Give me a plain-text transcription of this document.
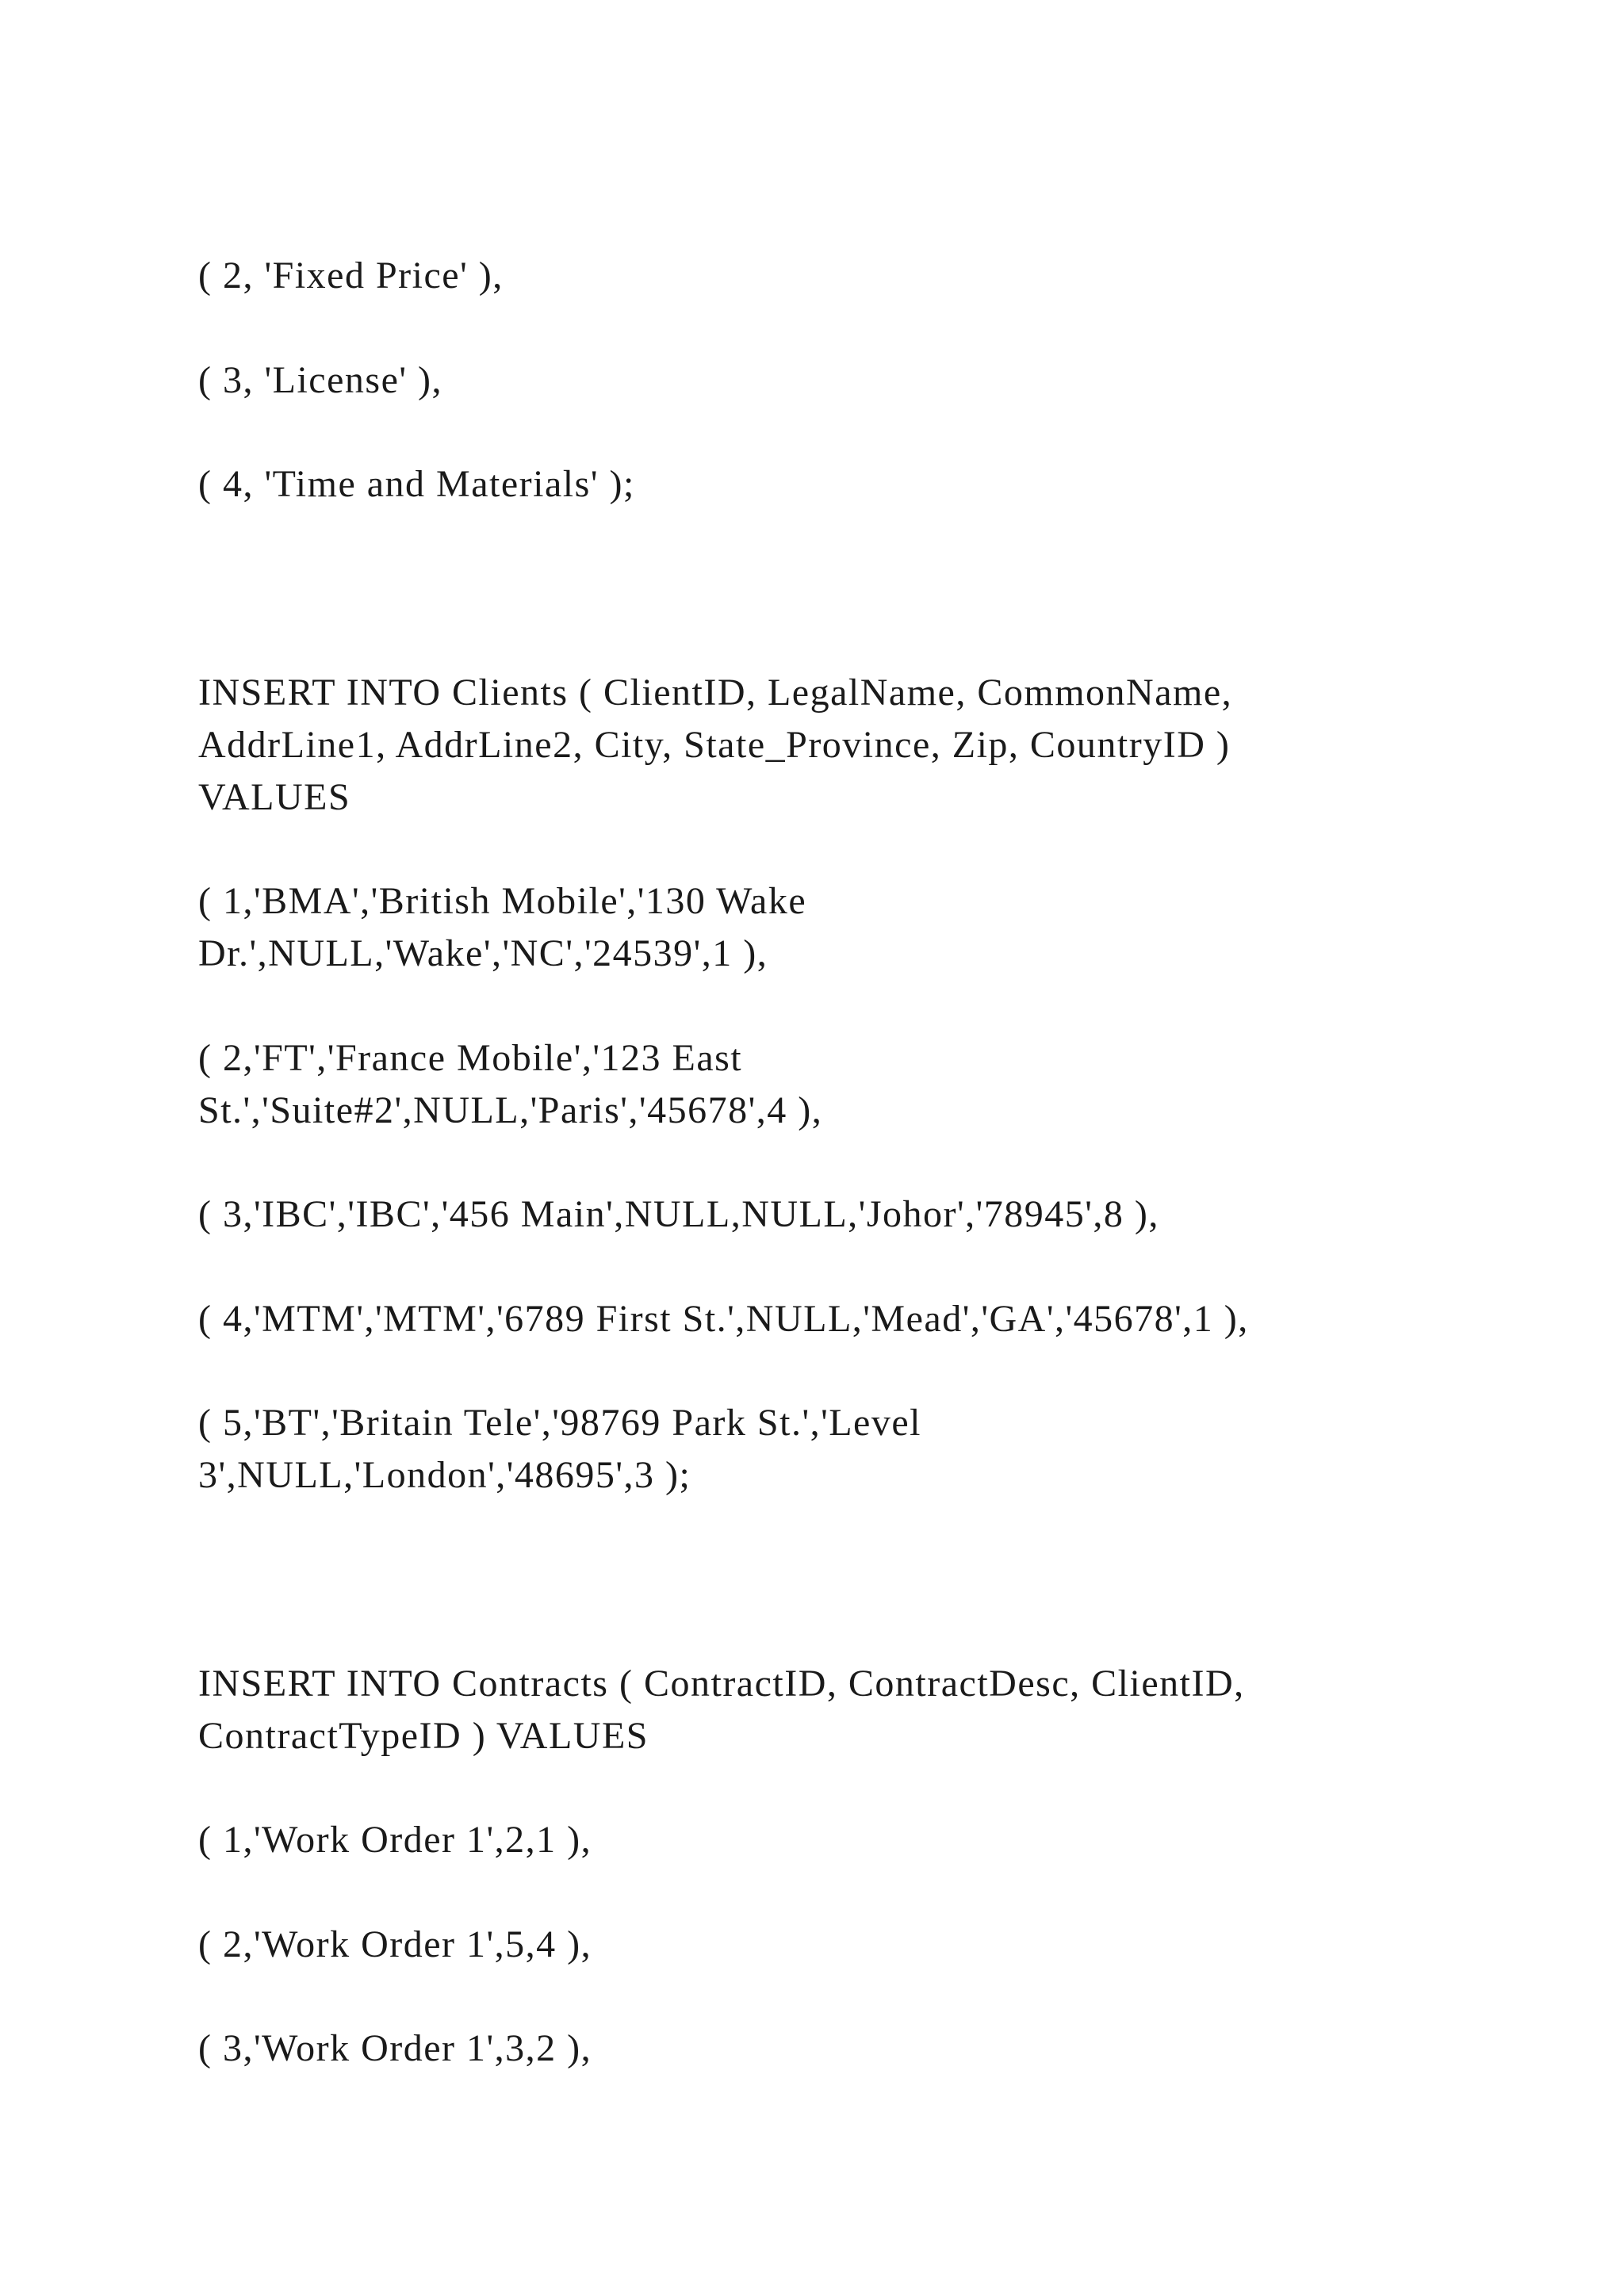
( 2, 'Fixed Price' ),

( 3, 'License' ),

( 4, 'Time and Materials' );

INSERT INTO Clients ( ClientID, LegalName, CommonName,

AddrLine1, AddrLine2, City, State_Province, Zip, CountryID )

VALUES

( 1,'BMA','British Mobile','130 Wake

Dr.',NULL,'Wake','NC','24539',1 ),

( 2,'FT','France Mobile','123 East

St.','Suite#2',NULL,'Paris','45678',4 ),

( 3,'IBC','IBC','456 Main',NULL,NULL,'Johor','78945',8 ),

( 4,'MTM','MTM','6789 First St.',NULL,'Mead','GA','45678',1 ),

( 5,'BT','Britain Tele','98769 Park St.','Level

3',NULL,'London','48695',3 );

INSERT INTO Contracts ( ContractID, ContractDesc, ClientID,

ContractTypeID ) VALUES

( 1,'Work Order 1',2,1 ),

( 2,'Work Order 1',5,4 ),

( 3,'Work Order 1',3,2 ),
